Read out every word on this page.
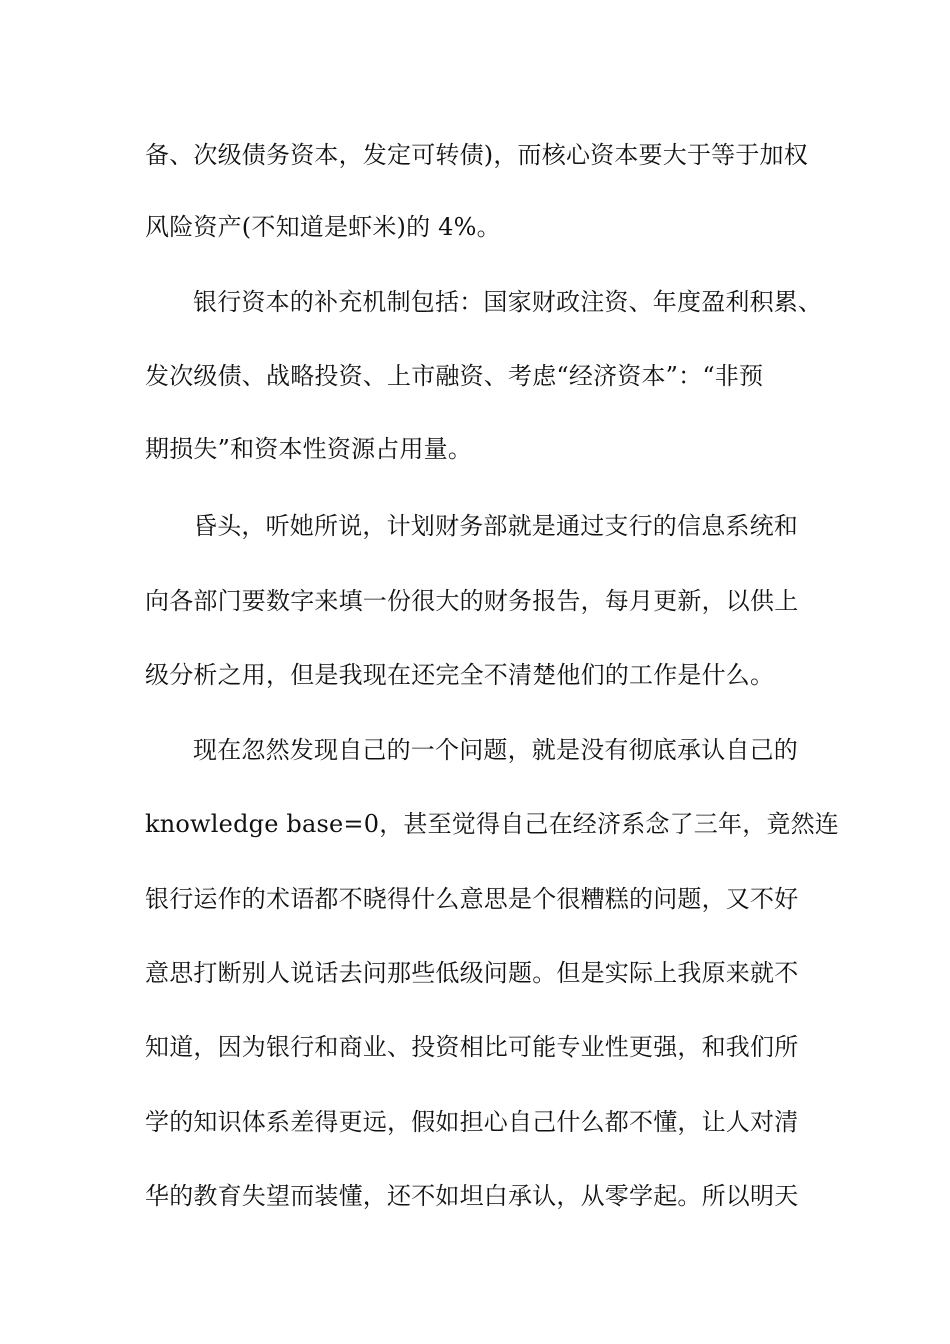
备、次级债务资本，发定可转债)，而核心资本要大于等于加权
风险资产(不知道是虾米)的 4%。
银行资本的补充机制包括：国家财政注资、年度盈利积累、
发次级债、战略投资、上市融资、考虑“经济资本”：“非预
期损失”和资本性资源占用量。
昏头，听她所说，计划财务部就是通过支行的信息系统和
向各部门要数字来填一份很大的财务报告，每月更新，以供上
级分析之用，但是我现在还完全不清楚他们的工作是什么。
现在忽然发现自己的一个问题，就是没有彻底承认自己的
knowledge base=0，甚至觉得自己在经济系念了三年，竟然连
银行运作的术语都不晓得什么意思是个很糟糕的问题，又不好
意思打断别人说话去问那些低级问题。但是实际上我原来就不
知道，因为银行和商业、投资相比可能专业性更强，和我们所
学的知识体系差得更远，假如担心自己什么都不懂，让人对清
华的教育失望而装懂，还不如坦白承认，从零学起。所以明天
